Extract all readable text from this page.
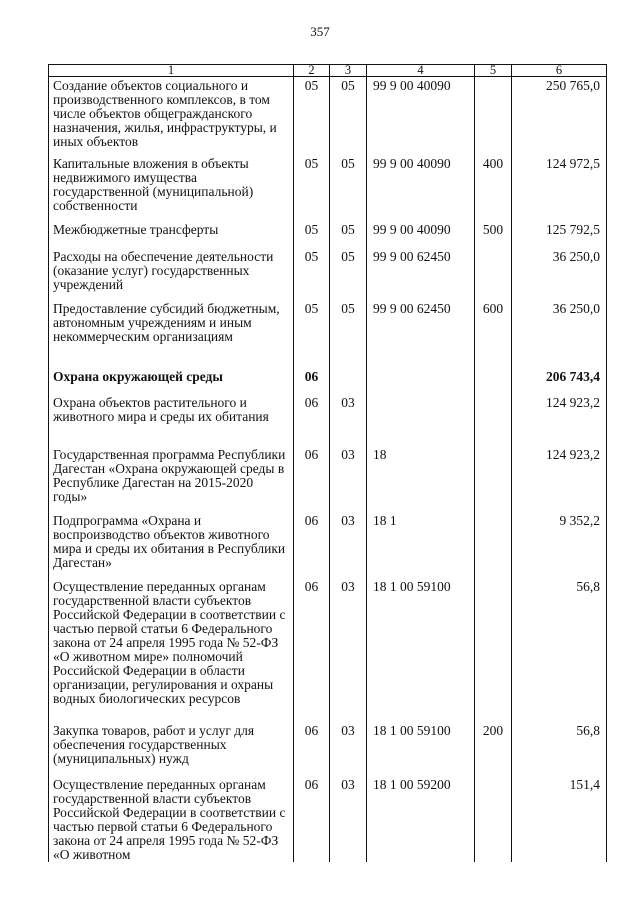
357
1	2	3	4	5	6
Создание объектов социального и производственного комплексов, в том числе объектов общегражданского назначения, жилья, инфраструктуры, и иных объектов	05	05	99 9 00 40090		250 765,0
Капитальные вложения в объекты недвижимого имущества государственной (муниципальной) собственности	05	05	99 9 00 40090	400	124 972,5
Межбюджетные трансферты	05	05	99 9 00 40090	500	125 792,5
Расходы на обеспечение деятельности (оказание услуг) государственных учреждений	05	05	99 9 00 62450		36 250,0
Предоставление субсидий бюджетным, автономным учреждениям и иным некоммерческим организациям	05	05	99 9 00 62450	600	36 250,0
Охрана окружающей среды	06				206 743,4
Охрана объектов растительного и животного мира и среды их обитания	06	03			124 923,2
Государственная программа Республики Дагестан «Охрана окружающей среды в Республике Дагестан на 2015-2020 годы»	06	03	18		124 923,2
Подпрограмма «Охрана и воспроизводство объектов животного мира и среды их обитания в Республики Дагестан»	06	03	18 1		9 352,2
Осуществление переданных органам государственной власти субъектов Российской Федерации в соответствии с частью первой статьи 6 Федерального закона от 24 апреля 1995 года № 52-ФЗ «О животном мире» полномочий Российской Федерации в области организации, регулирования и охраны водных биологических ресурсов	06	03	18 1 00 59100		56,8
Закупка товаров, работ и услуг для обеспечения государственных (муниципальных) нужд	06	03	18 1 00 59100	200	56,8
Осуществление переданных органам государственной власти субъектов Российской Федерации в соответствии с частью первой статьи 6 Федерального закона от 24 апреля 1995 года № 52-ФЗ «О животном	06	03	18 1 00 59200		151,4
